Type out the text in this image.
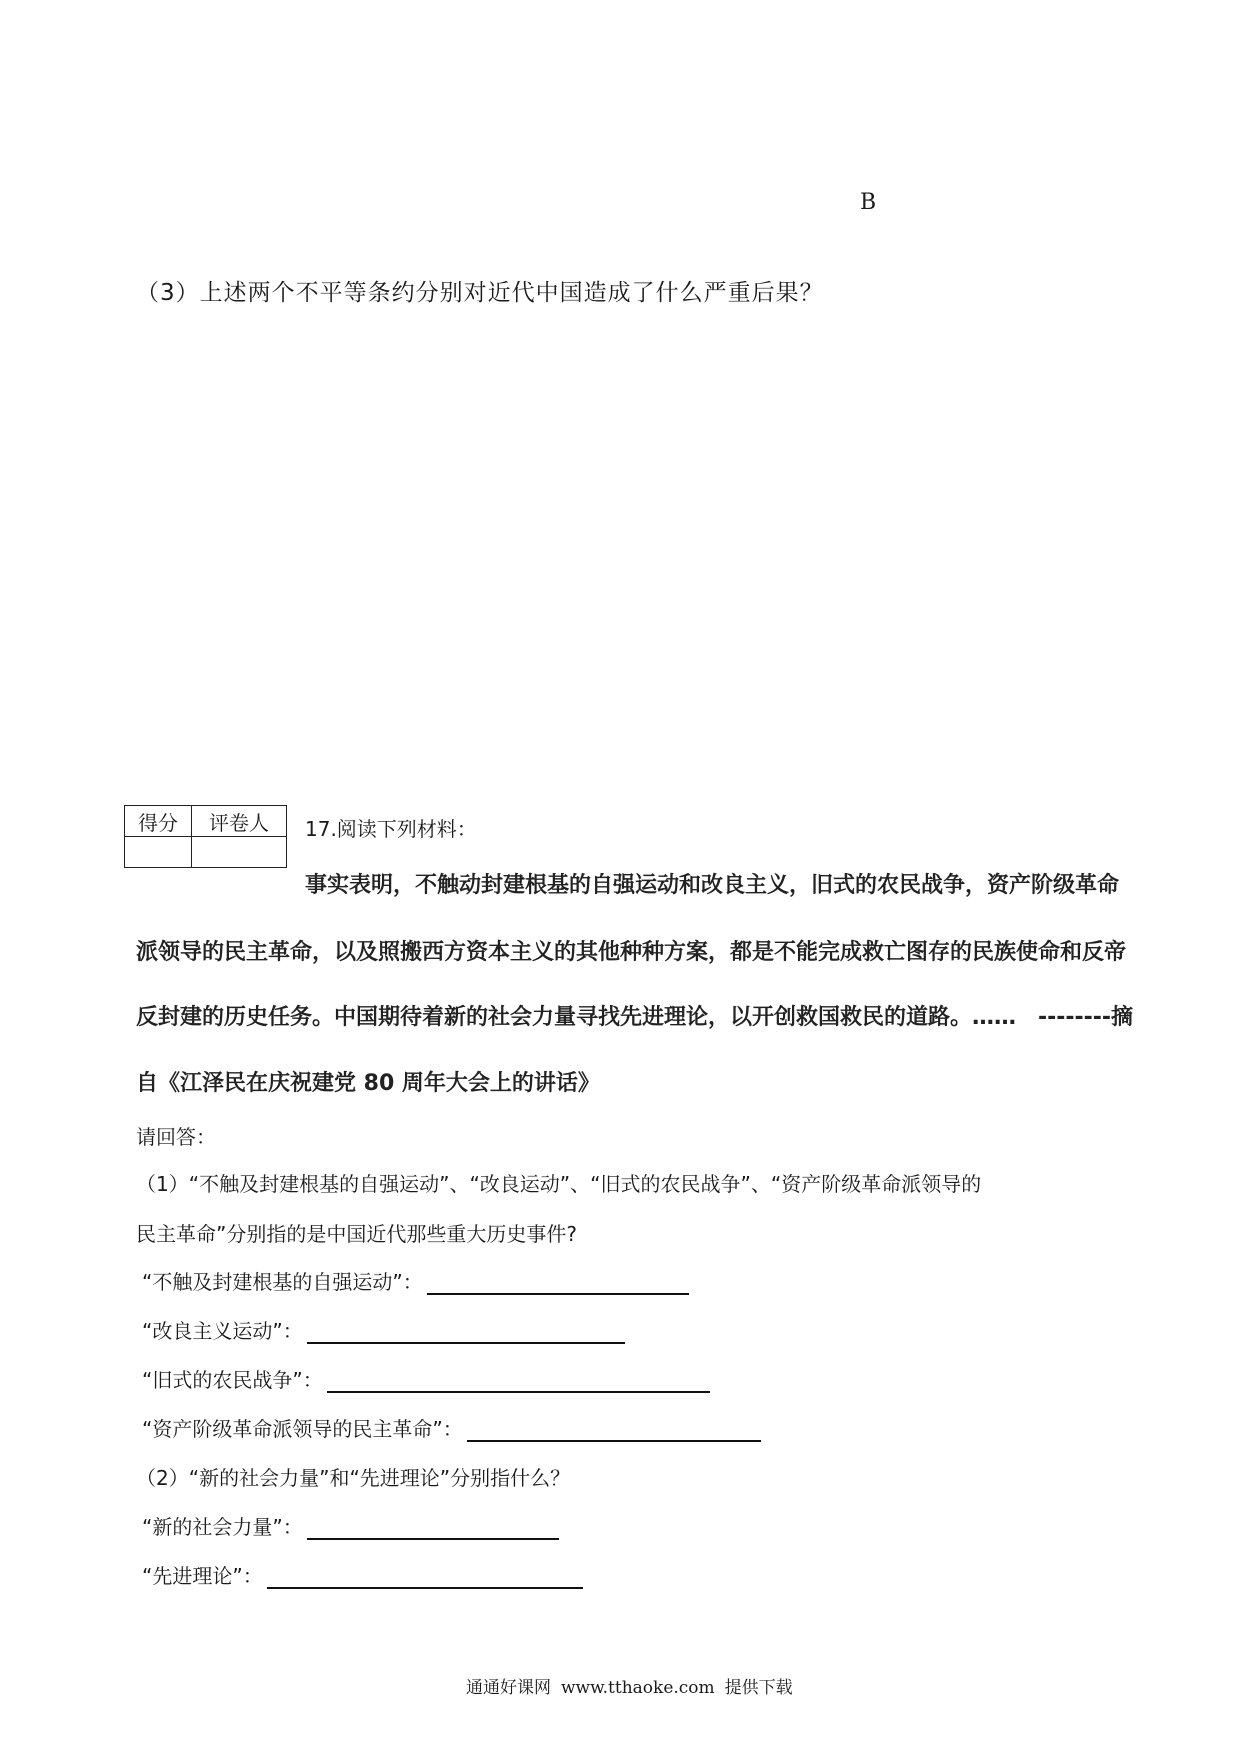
B
（3）上述两个不平等条约分别对近代中国造成了什么严重后果？
得分	评卷人
	17.阅读下列材料：
事实表明，不触动封建根基的自强运动和改良主义，旧式的农民战争，资产阶级革命
派领导的民主革命，以及照搬西方资本主义的其他种种方案，都是不能完成救亡图存的民族使命和反帝
反封建的历史任务。中国期待着新的社会力量寻找先进理论，以开创救国救民的道路。……　--------摘
自《江泽民在庆祝建党 80 周年大会上的讲话》
请回答：
（1）“不触及封建根基的自强运动”、“改良运动”、“旧式的农民战争”、“资产阶级革命派领导的
民主革命”分别指的是中国近代那些重大历史事件?
“不触及封建根基的自强运动”：
“改良主义运动”：
“旧式的农民战争”：
“资产阶级革命派领导的民主革命”：
（2）“新的社会力量”和“先进理论”分别指什么？
“新的社会力量”：
“先进理论”：
通通好课网 www.tthaoke.com 提供下载
